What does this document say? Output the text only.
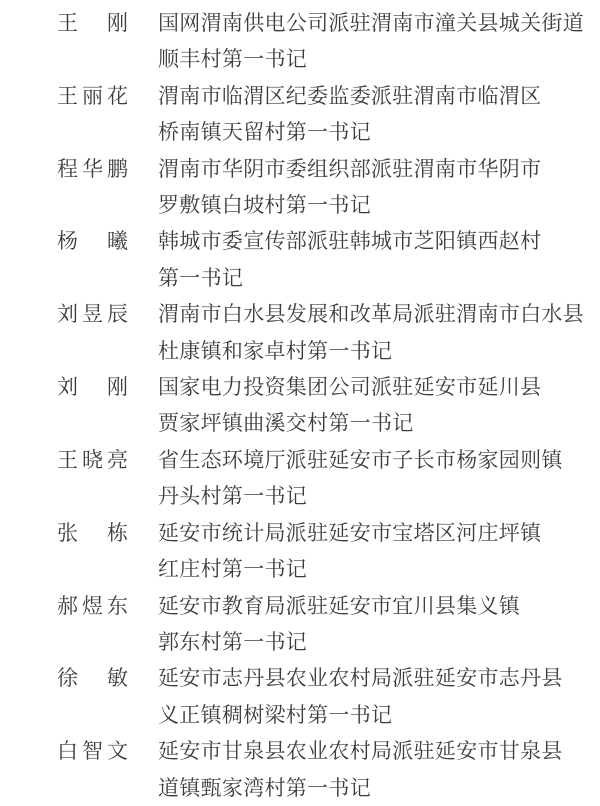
王 刚 国网渭南供电公司派驻渭南市潼关县城关街道
顺丰村第一书记
王 丽 花 渭南市临渭区纪委监委派驻渭南市临渭区
桥南镇天留村第一书记
程 华 鹏 渭南市华阴市委组织部派驻渭南市华阴市
罗敷镇白坡村第一书记
杨 曦 韩城市委宣传部派驻韩城市芝阳镇西赵村
第一书记
刘 昱 辰 渭南市白水县发展和改革局派驻渭南市白水县
杜康镇和家卓村第一书记
刘 刚 国家电力投资集团公司派驻延安市延川县
贾家坪镇曲溪交村第一书记
王 晓 亮 省生态环境厅派驻延安市子长市杨家园则镇
丹头村第一书记
张 栋 延安市统计局派驻延安市宝塔区河庄坪镇
红庄村第一书记
郝 煜 东 延安市教育局派驻延安市宜川县集义镇
郭东村第一书记
徐 敏 延安市志丹县农业农村局派驻延安市志丹县
义正镇稠树梁村第一书记
白 智 文 延安市甘泉县农业农村局派驻延安市甘泉县
道镇甄家湾村第一书记
